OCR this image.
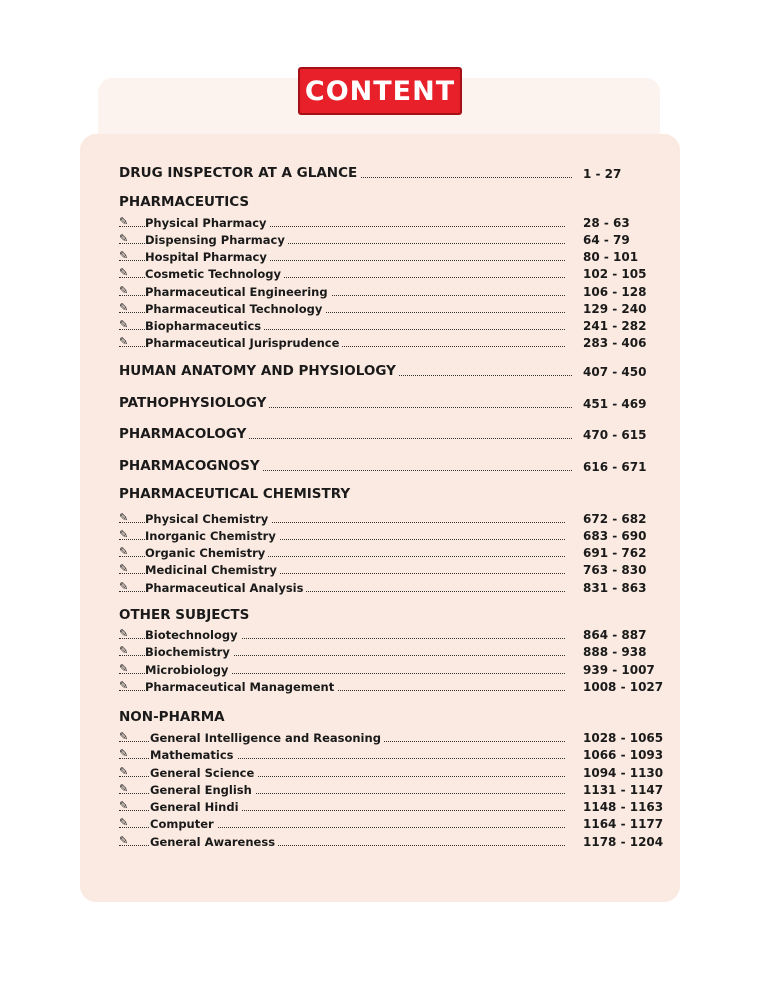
CONTENT
DRUG INSPECTOR AT A GLANCE	1 - 27
PHARMACEUTICS
✎ Physical Pharmacy	28 - 63
✎ Dispensing Pharmacy	64 - 79
✎ Hospital Pharmacy	80 - 101
✎ Cosmetic Technology	102 - 105
✎ Pharmaceutical Engineering	106 - 128
✎ Pharmaceutical Technology	129 - 240
✎ Biopharmaceutics	241 - 282
✎ Pharmaceutical Jurisprudence	283 - 406
HUMAN ANATOMY AND PHYSIOLOGY	407 - 450
PATHOPHYSIOLOGY	451 - 469
PHARMACOLOGY	470 - 615
PHARMACOGNOSY	616 - 671
PHARMACEUTICAL CHEMISTRY
✎ Physical Chemistry	672 - 682
✎ Inorganic Chemistry	683 - 690
✎ Organic Chemistry	691 - 762
✎ Medicinal Chemistry	763 - 830
✎ Pharmaceutical Analysis	831 - 863
OTHER SUBJECTS
✎ Biotechnology	864 - 887
✎ Biochemistry	888 - 938
✎ Microbiology	939 - 1007
✎ Pharmaceutical Management	1008 - 1027
NON-PHARMA
✎ General Intelligence and Reasoning	1028 - 1065
✎ Mathematics	1066 - 1093
✎ General Science	1094 - 1130
✎ General English	1131 - 1147
✎ General Hindi	1148 - 1163
✎ Computer	1164 - 1177
✎ General Awareness	1178 - 1204
